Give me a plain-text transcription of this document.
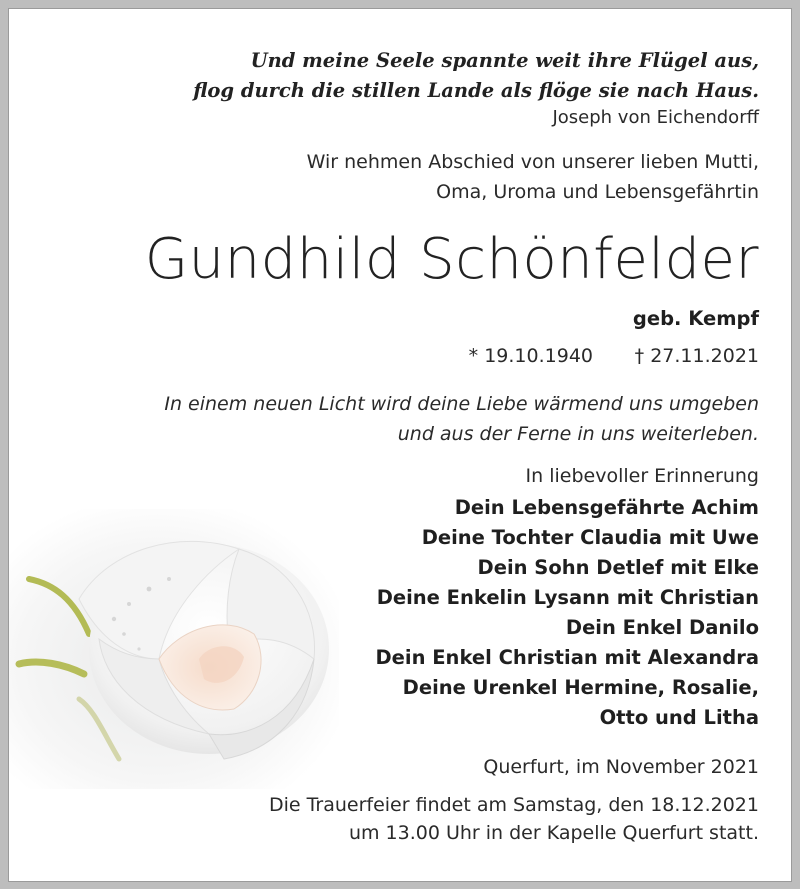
Und meine Seele spannte weit ihre Flügel aus,
flog durch die stillen Lande als flöge sie nach Haus.
Joseph von Eichendorff
Wir nehmen Abschied von unserer lieben Mutti,
Oma, Uroma und Lebensgefährtin
Gundhild Schönfelder
geb. Kempf
* 19.10.1940 † 27.11.2021
In einem neuen Licht wird deine Liebe wärmend uns umgeben
und aus der Ferne in uns weiterleben.
In liebevoller Erinnerung
Dein Lebensgefährte Achim
Deine Tochter Claudia mit Uwe
Dein Sohn Detlef mit Elke
Deine Enkelin Lysann mit Christian
Dein Enkel Danilo
Dein Enkel Christian mit Alexandra
Deine Urenkel Hermine, Rosalie,
Otto und Litha
Querfurt, im November 2021
Die Trauerfeier findet am Samstag, den 18.12.2021
um 13.00 Uhr in der Kapelle Querfurt statt.
